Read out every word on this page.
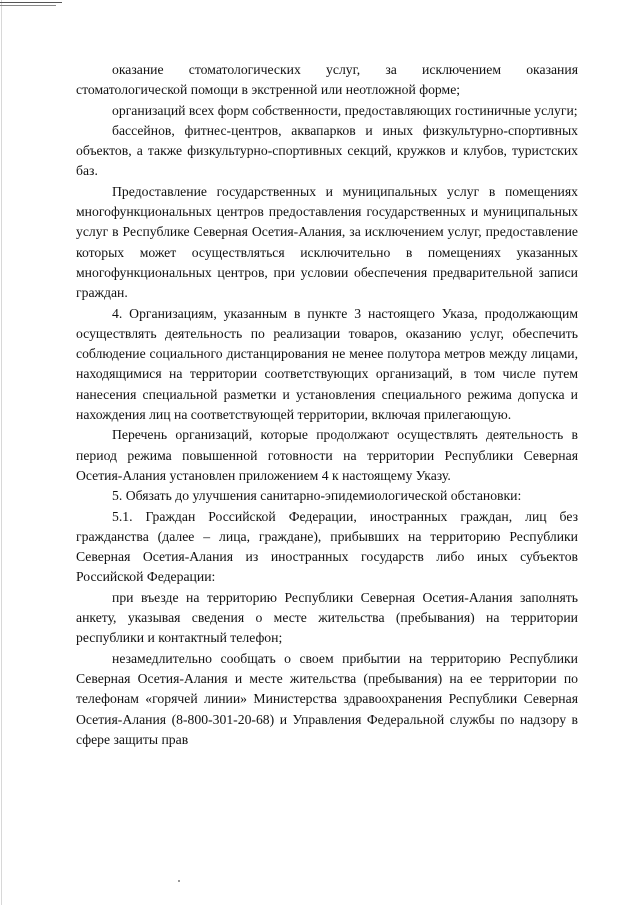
оказание стоматологических услуг, за исключением оказания стоматологической помощи в экстренной или неотложной форме;

организаций всех форм собственности, предоставляющих гостиничные услуги;

бассейнов, фитнес-центров, аквапарков и иных физкультурно-спортивных объектов, а также физкультурно-спортивных секций, кружков и клубов, туристских баз.

Предоставление государственных и муниципальных услуг в помещениях многофункциональных центров предоставления государственных и муниципальных услуг в Республике Северная Осетия-Алания, за исключением услуг, предоставление которых может осуществляться исключительно в помещениях указанных многофункциональных центров, при условии обеспечения предварительной записи граждан.

4. Организациям, указанным в пункте 3 настоящего Указа, продолжающим осуществлять деятельность по реализации товаров, оказанию услуг, обеспечить соблюдение социального дистанцирования не менее полутора метров между лицами, находящимися на территории соответствующих организаций, в том числе путем нанесения специальной разметки и установления специального режима допуска и нахождения лиц на соответствующей территории, включая прилегающую.

Перечень организаций, которые продолжают осуществлять деятельность в период режима повышенной готовности на территории Республики Северная Осетия-Алания установлен приложением 4 к настоящему Указу.

5. Обязать до улучшения санитарно-эпидемиологической обстановки:

5.1. Граждан Российской Федерации, иностранных граждан, лиц без гражданства (далее – лица, граждане), прибывших на территорию Республики Северная Осетия-Алания из иностранных государств либо иных субъектов Российской Федерации:

при въезде на территорию Республики Северная Осетия-Алания заполнять анкету, указывая сведения о месте жительства (пребывания) на территории республики и контактный телефон;

незамедлительно сообщать о своем прибытии на территорию Республики Северная Осетия-Алания и месте жительства (пребывания) на ее территории по телефонам «горячей линии» Министерства здравоохранения Республики Северная Осетия-Алания (8-800-301-20-68) и Управления Федеральной службы по надзору в сфере защиты прав
